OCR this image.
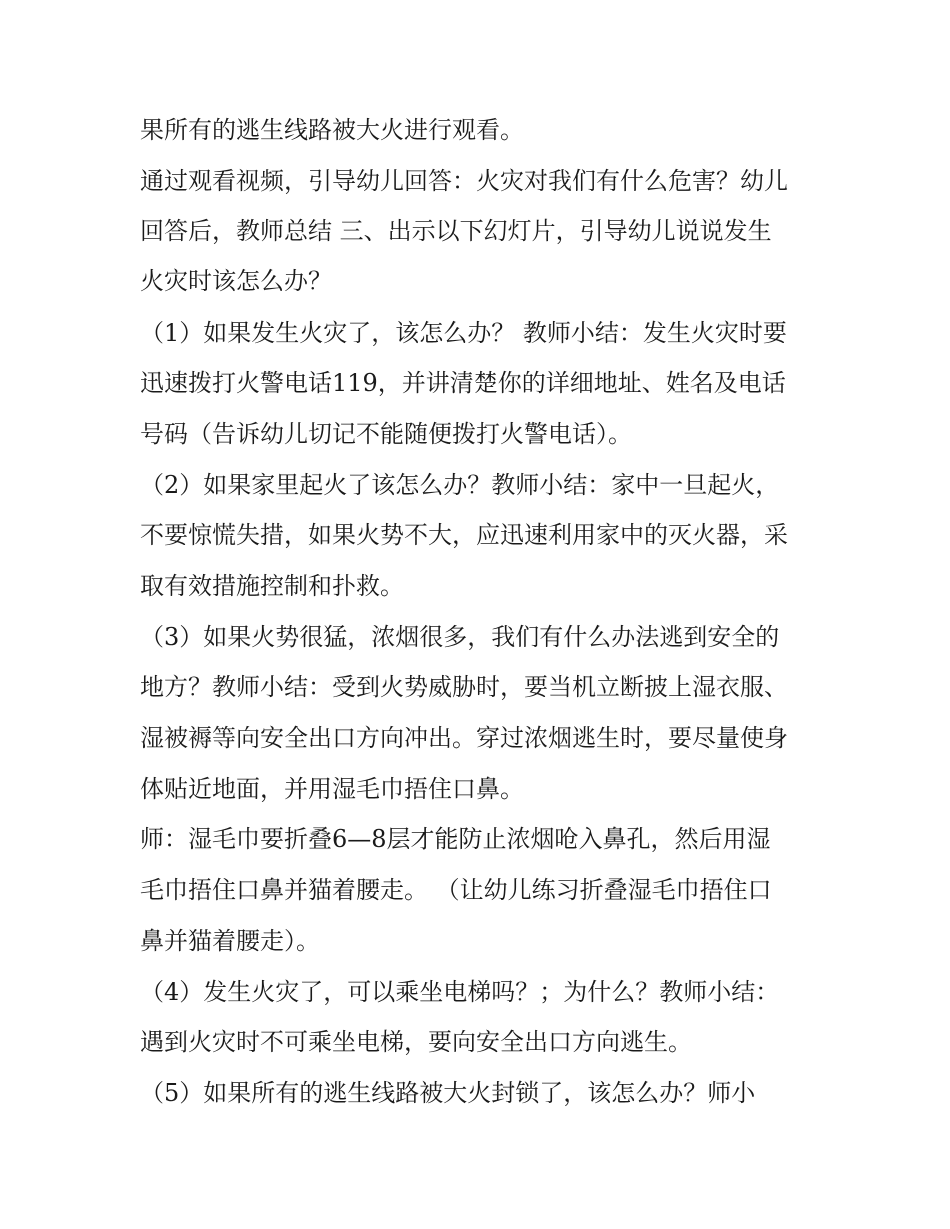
果所有的逃生线路被大火进行观看。
通过观看视频，引导幼儿回答：火灾对我们有什么危害？幼儿
回答后，教师总结 三、出示以下幻灯片，引导幼儿说说发生
火灾时该怎么办？
（1）如果发生火灾了，该怎么办？ 教师小结：发生火灾时要
迅速拨打火警电话119，并讲清楚你的详细地址、姓名及电话
号码（告诉幼儿切记不能随便拨打火警电话）。
（2）如果家里起火了该怎么办？教师小结：家中一旦起火，
不要惊慌失措，如果火势不大，应迅速利用家中的灭火器，采
取有效措施控制和扑救。
（3）如果火势很猛，浓烟很多，我们有什么办法逃到安全的
地方？教师小结：受到火势威胁时，要当机立断披上湿衣服、
湿被褥等向安全出口方向冲出。穿过浓烟逃生时，要尽量使身
体贴近地面，并用湿毛巾捂住口鼻。
师：湿毛巾要折叠6—8层才能防止浓烟呛入鼻孔，然后用湿
毛巾捂住口鼻并猫着腰走。 （让幼儿练习折叠湿毛巾捂住口
鼻并猫着腰走）。
（4）发生火灾了，可以乘坐电梯吗？；为什么？教师小结：
遇到火灾时不可乘坐电梯，要向安全出口方向逃生。
（5）如果所有的逃生线路被大火封锁了，该怎么办？师小
